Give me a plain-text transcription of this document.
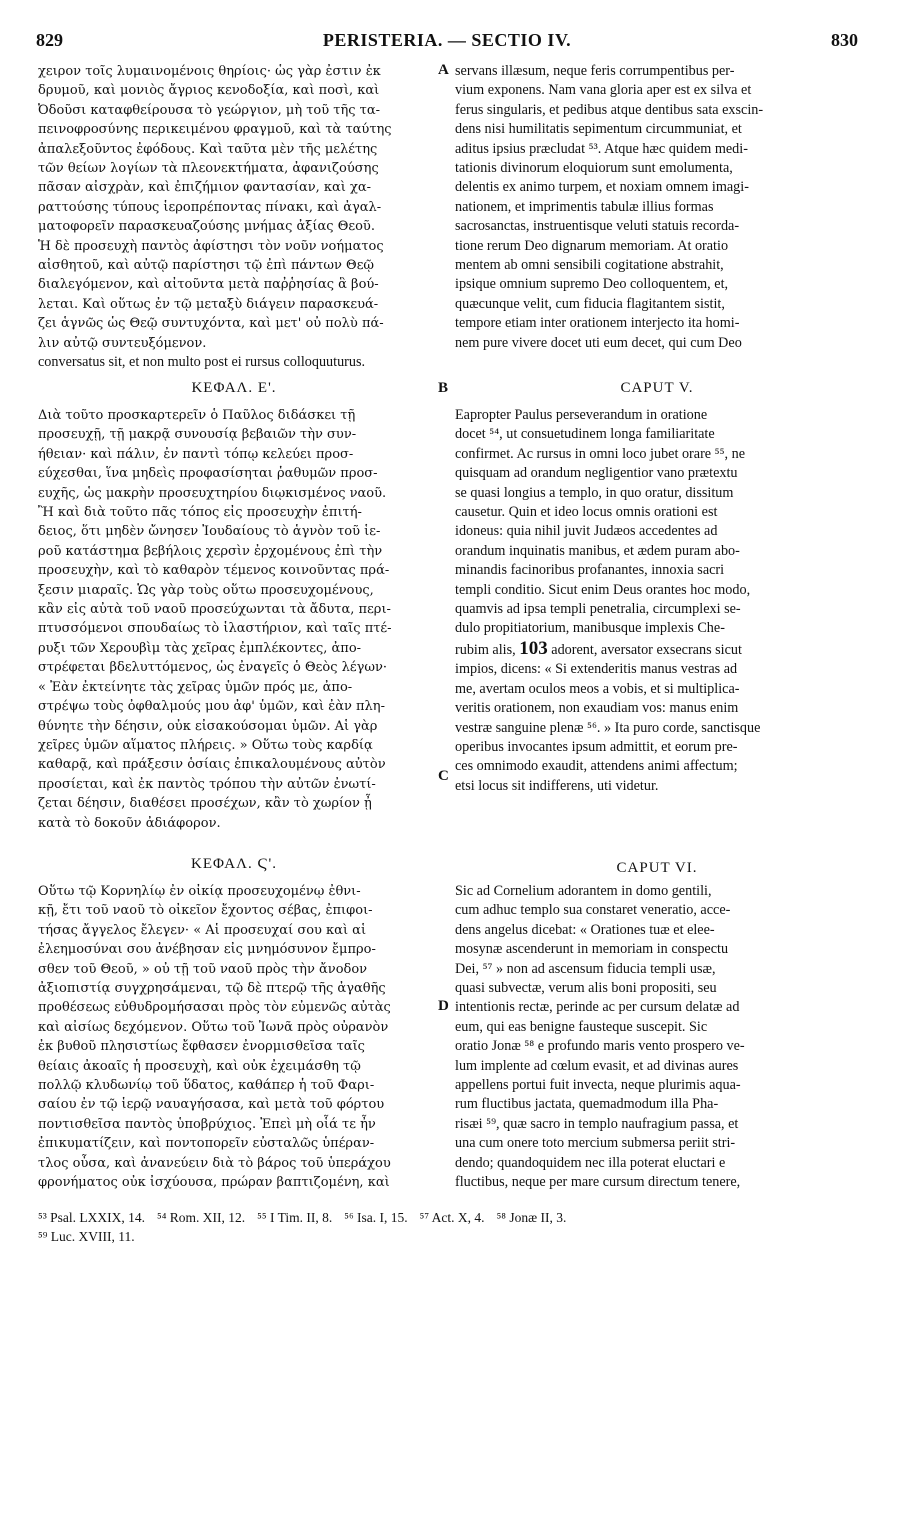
829	PERISTERIA. — SECTIO IV.	830

χειρον τοῖς λυμαινομένοις θηρίοις· ὡς γὰρ ἐστιν ἐκ

δρυμοῦ, καὶ μονιὸς ἄγριος κενοδοξία, καὶ ποσὶ, καὶ

Ὀδοῦσι καταφθείρουσα τὸ γεώργιον, μὴ τοῦ τῆς τα-

πεινοφροσύνης περικειμένου φραγμοῦ, καὶ τὰ ταύτης

ἀπαλεξοῦντος ἐφόδους. Καὶ ταῦτα μὲν τῆς μελέτης

τῶν θείων λογίων τὰ πλεονεκτήματα, ἀφανιζούσης

πᾶσαν αἰσχρὰν, καὶ ἐπιζήμιον φαντασίαν, καὶ χα-

ραττούσης τύπους ἱεροπρέποντας πίνακι, καὶ ἀγαλ-

ματοφορεῖν παρασκευαζούσης μνήμας ἀξίας Θεοῦ.

Ἡ δὲ προσευχὴ παντὸς ἀφίστησι τὸν νοῦν νοήματος

αἰσθητοῦ, καὶ αὐτῷ παρίστησι τῷ ἐπὶ πάντων Θεῷ

διαλεγόμενον, καὶ αἰτοῦντα μετὰ παῤῥησίας ἃ βού-

λεται. Καὶ οὕτως ἐν τῷ μεταξὺ διάγειν παρασκευά-

ζει ἁγνῶς ὡς Θεῷ συντυχόντα, καὶ μετ' οὐ πολὺ πά-

λιν αὐτῷ συντευξόμενον.

servans illæsum, neque feris corrumpentibus per-

vium exponens. Nam vana gloria aper est ex silva et

ferus singularis, et pedibus atque dentibus sata exscin-

dens nisi humilitatis sepimentum circummuniat, et

aditus ipsius præcludat ⁵³. Atque hæc quidem medi-

tationis divinorum eloquiorum sunt emolumenta,

delentis ex animo turpem, et noxiam omnem imagi-

nationem, et imprimentis tabulæ illius formas

sacrosanctas, instruentisque veluti statuis recorda-

tione rerum Deo dignarum memoriam. At oratio

mentem ab omni sensibili cogitatione abstrahit,

ipsique omnium supremo Deo colloquentem, et,

quæcunque velit, cum fiducia flagitantem sistit,

tempore etiam inter orationem interjecto ita homi-

nem pure vivere docet uti eum decet, qui cum Deo

A
conversatus sit, et non multo post ei rursus colloquuturus.
ΚΕΦΑΛ. Ε'.	B	CAPUT V.

Διὰ τοῦτο προσκαρτερεῖν ὁ Παῦλος διδάσκει τῇ

προσευχῇ, τῇ μακρᾷ συνουσίᾳ βεβαιῶν τὴν συν-

ήθειαν· καὶ πάλιν, ἐν παντὶ τόπῳ κελεύει προσ-

εύχεσθαι, ἵνα μηδεὶς προφασίσηται ῥαθυμῶν προσ-

ευχῆς, ὡς μακρὴν προσευχτηρίου διῳκισμένος ναοῦ.

Ἢ καὶ διὰ τοῦτο πᾶς τόπος εἰς προσευχὴν ἐπιτή-

δειος, ὅτι μηδὲν ὤνησεν Ἰουδαίους τὸ ἁγνὸν τοῦ ἱε-

ροῦ κατάστημα βεβήλοις χερσὶν ἐρχομένους ἐπὶ τὴν

προσευχὴν, καὶ τὸ καθαρὸν τέμενος κοινοῦντας πρά-

ξεσιν μιαραῖς. Ὡς γὰρ τοὺς οὕτω προσευχομένους,

κἂν εἰς αὐτὰ τοῦ ναοῦ προσεύχωνται τὰ ἄδυτα, περι-

πτυσσόμενοι σπουδαίως τὸ ἱλαστήριον, καὶ ταῖς πτέ-

ρυξι τῶν Χερουβὶμ τὰς χεῖρας ἐμπλέκοντες, ἀπο-

στρέφεται βδελυττόμενος, ὡς ἐναγεῖς ὁ Θεὸς λέγων·

« Ἐὰν ἐκτείνητε τὰς χεῖρας ὑμῶν πρός με, ἀπο-

στρέψω τοὺς ὀφθαλμούς μου ἀφ' ὑμῶν, καὶ ἐὰν πλη-

θύνητε τὴν δέησιν, οὐκ εἰσακούσομαι ὑμῶν. Αἱ γὰρ

χεῖρες ὑμῶν αἵματος πλήρεις. » Οὕτω τοὺς καρδίᾳ

καθαρᾷ, καὶ πράξεσιν ὁσίαις ἐπικαλουμένους αὐτὸν

προσίεται, καὶ ἐκ παντὸς τρόπου τὴν αὐτῶν ἐνωτί-

ζεται δέησιν, διαθέσει προσέχων, κἂν τὸ χωρίον ᾖ

κατὰ τὸ δοκοῦν ἀδιάφορον.

Eapropter Paulus perseverandum in oratione

docet ⁵⁴, ut consuetudinem longa familiaritate

confirmet. Ac rursus in omni loco jubet orare ⁵⁵, ne

quisquam ad orandum negligentior vano prætextu

se quasi longius a templo, in quo oratur, dissitum

causetur. Quin et ideo locus omnis orationi est

idoneus: quia nihil juvit Judæos accedentes ad

orandum inquinatis manibus, et ædem puram abo-

minandis facinoribus profanantes, innoxia sacri

templi conditio. Sicut enim Deus orantes hoc modo,

quamvis ad ipsa templi penetralia, circumplexi se-

dulo propitiatorium, manibusque implexis Che-

rubim alis, 103 adorent, aversator exsecrans sicut

impios, dicens: « Si extenderitis manus vestras ad

me, avertam oculos meos a vobis, et si multiplica-

veritis orationem, non exaudiam vos: manus enim

vestræ sanguine plenæ ⁵⁶. » Ita puro corde, sanctisque

operibus invocantes ipsum admittit, et eorum pre-

ces omnimodo exaudit, attendens animi affectum;

etsi locus sit indifferens, uti videtur.

C
ΚΕΦΑΛ. Ϛ'.	CAPUT VI.

Οὕτω τῷ Κορνηλίῳ ἐν οἰκίᾳ προσευχομένῳ ἐθνι-

κῇ, ἔτι τοῦ ναοῦ τὸ οἰκεῖον ἔχοντος σέβας, ἐπιφοι-

τήσας ἄγγελος ἔλεγεν· « Αἱ προσευχαί σου καὶ αἱ

ἐλεημοσύναι σου ἀνέβησαν εἰς μνημόσυνον ἔμπρο-

σθεν τοῦ Θεοῦ, » οὐ τῇ τοῦ ναοῦ πρὸς τὴν ἄνοδον

ἀξιοπιστίᾳ συγχρησάμεναι, τῷ δὲ πτερῷ τῆς ἀγαθῆς

προθέσεως εὐθυδρομήσασαι πρὸς τὸν εὐμενῶς αὐτὰς

καὶ αἰσίως δεχόμενον. Οὕτω τοῦ Ἰωνᾶ πρὸς οὐρανὸν

ἐκ βυθοῦ πλησιστίως ἔφθασεν ἐνορμισθεῖσα ταῖς

θείαις ἀκοαῖς ἡ προσευχὴ, καὶ οὐκ ἐχειμάσθη τῷ

πολλῷ κλυδωνίῳ τοῦ ὕδατος, καθάπερ ἡ τοῦ Φαρι-

σαίου ἐν τῷ ἱερῷ ναυαγήσασα, καὶ μετὰ τοῦ φόρτου

ποντισθεῖσα παντὸς ὑποβρύχιος. Ἐπεὶ μὴ οἷά τε ἦν

ἐπικυματίζειν, καὶ ποντοπορεῖν εὐσταλῶς ὑπέραν-

τλος οὖσα, καὶ ἀνανεύειν διὰ τὸ βάρος τοῦ ὑπεράχου

φρονήματος οὐκ ἰσχύουσα, πρώραν βαπτιζομένη, καὶ

Sic ad Cornelium adorantem in domo gentili,

cum adhuc templo sua constaret veneratio, acce-

dens angelus dicebat: « Orationes tuæ et elee-

mosynæ ascenderunt in memoriam in conspectu

Dei, ⁵⁷ » non ad ascensum fiducia templi usæ,

quasi subvectæ, verum alis boni propositi, seu

intentionis rectæ, perinde ac per cursum delatæ ad

eum, qui eas benigne fausteque suscepit. Sic

oratio Jonæ ⁵⁸ e profundo maris vento prospero ve-

lum implente ad cœlum evasit, et ad divinas aures

appellens portui fuit invecta, neque plurimis aqua-

rum fluctibus jactata, quemadmodum illa Pha-

risæi ⁵⁹, quæ sacro in templo naufragium passa, et

una cum onere toto mercium submersa periit stri-

dendo; quandoquidem nec illa poterat eluctari e

fluctibus, neque per mare cursum directum tenere,

D
⁵³ Psal. LXXIX, 14. ⁵⁴ Rom. XII, 12. ⁵⁵ I Tim. II, 8. ⁵⁶ Isa. I, 15. ⁵⁷ Act. X, 4. ⁵⁸ Jonæ II, 3.
⁵⁹ Luc. XVIII, 11.
